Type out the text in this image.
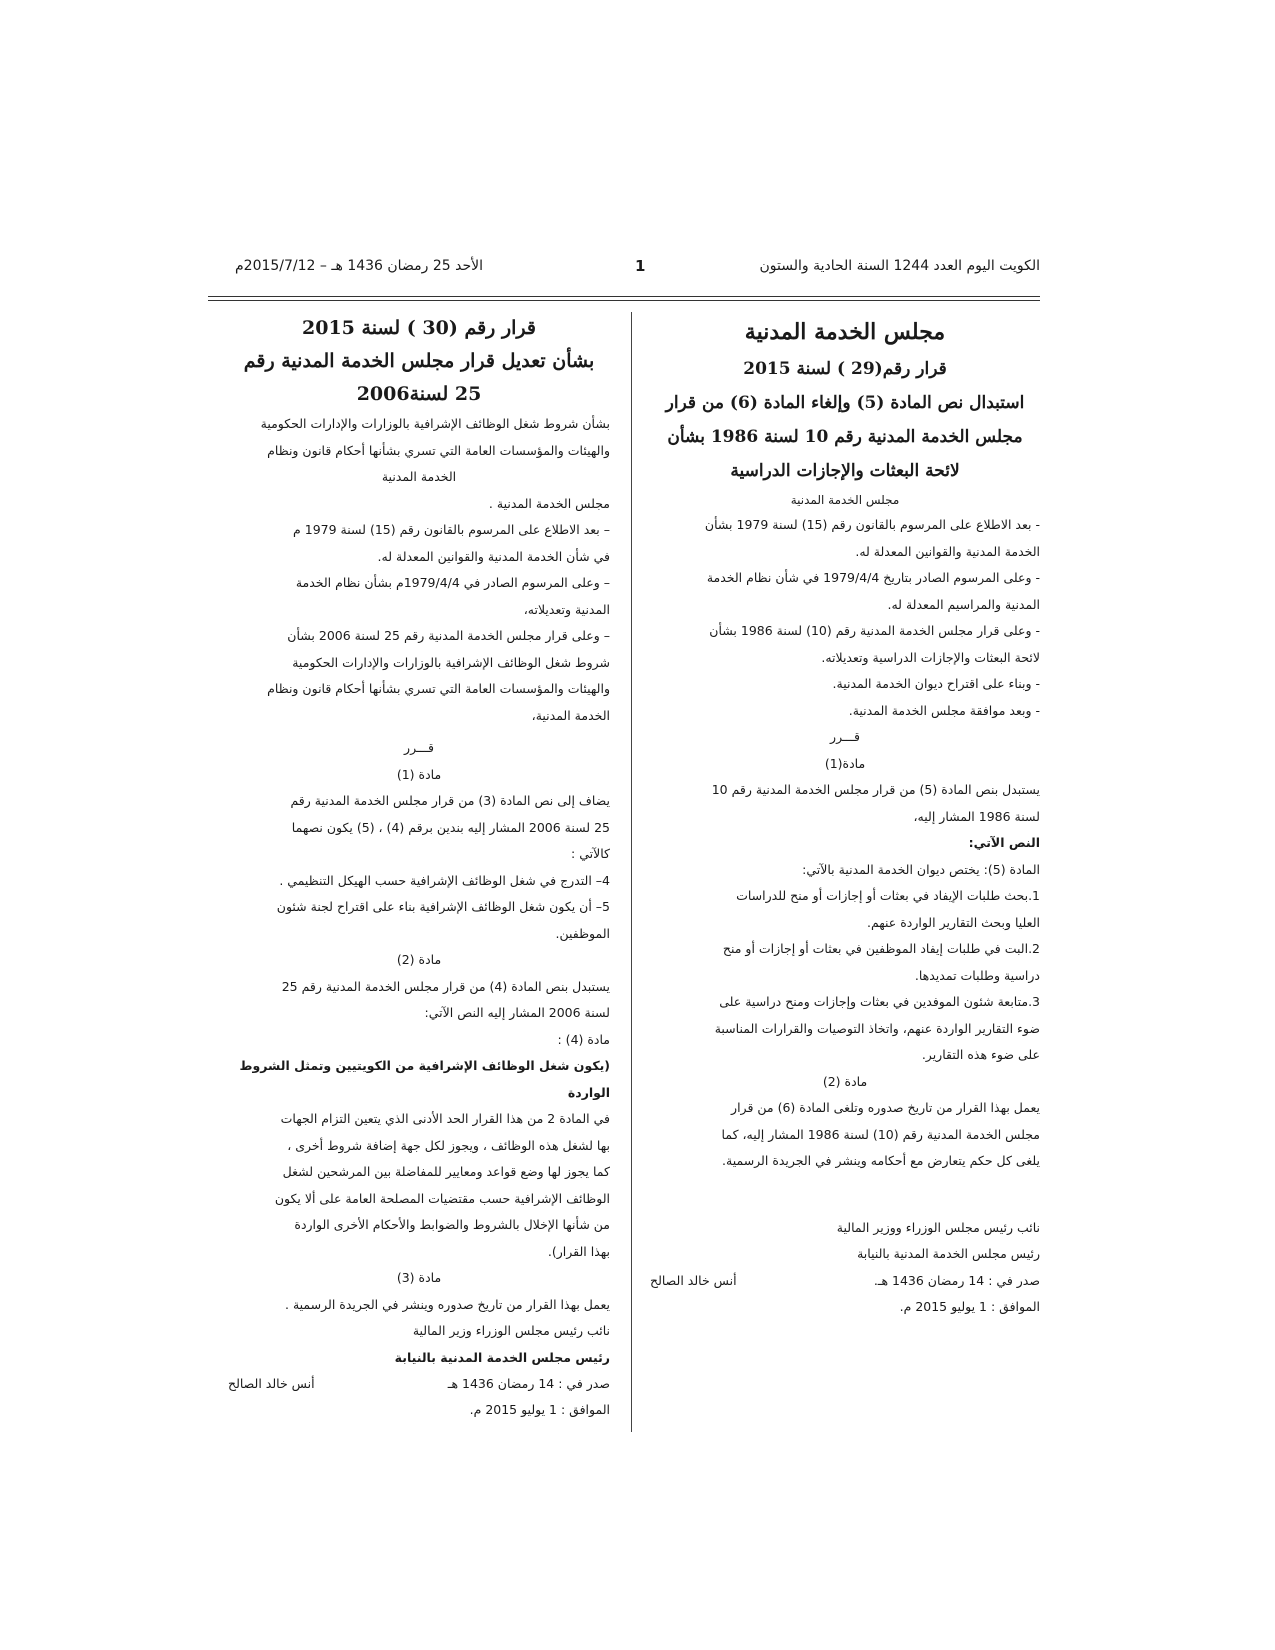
الكويت اليوم العدد 1244 السنة الحادية والستون
1
الأحد 25 رمضان 1436 هـ – 2015/7/12م

مجلس الخدمة المدنية

قرار رقم(29 ) لسنة 2015

استبدال نص المادة (5) وإلغاء المادة (6) من قرار

مجلس الخدمة المدنية رقم 10 لسنة 1986 بشأن

لائحة البعثات والإجازات الدراسية

مجلس الخدمة المدنية

- بعد الاطلاع على المرسوم بالقانون رقم (15) لسنة 1979 بشأن

الخدمة المدنية والقوانين المعدلة له.

- وعلى المرسوم الصادر بتاريخ 1979/4/4 في شأن نظام الخدمة

المدنية والمراسيم المعدلة له.

- وعلى قرار مجلس الخدمة المدنية رقم (10) لسنة 1986 بشأن

لائحة البعثات والإجازات الدراسية وتعديلاته.

- وبناء على اقتراح ديوان الخدمة المدنية.

- وبعد موافقة مجلس الخدمة المدنية.

قـــرر

مادة(1)

يستبدل بنص المادة (5) من قرار مجلس الخدمة المدنية رقم 10

لسنة 1986 المشار إليه،

النص الآتي:

المادة (5): يختص ديوان الخدمة المدنية بالآتي:

1.بحث طلبات الإيفاد في بعثات أو إجازات أو منح للدراسات

العليا وبحث التقارير الواردة عنهم.

2.البت في طلبات إيفاد الموظفين في بعثات أو إجازات أو منح

دراسية وطلبات تمديدها.

3.متابعة شئون الموفدين في بعثات وإجازات ومنح دراسية على

ضوء التقارير الواردة عنهم، واتخاذ التوصيات والقرارات المناسبة

على ضوء هذه التقارير.

مادة (2)

يعمل بهذا القرار من تاريخ صدوره وتلغى المادة (6) من قرار

مجلس الخدمة المدنية رقم (10) لسنة 1986 المشار إليه، كما

يلغى كل حكم يتعارض مع أحكامه وينشر في الجريدة الرسمية.

نائب رئيس مجلس الوزراء ووزير المالية

رئيس مجلس الخدمة المدنية بالنيابة

صدر في : 14 رمضان 1436 هـ.
أنس خالد الصالح

الموافق : 1 يوليو 2015 م.

قرار رقم (30 ) لسنة 2015

بشأن تعديل قرار مجلس الخدمة المدنية رقم

25 لسنة2006

بشأن شروط شغل الوظائف الإشرافية بالوزارات والإدارات الحكومية

والهيئات والمؤسسات العامة التي تسري بشأنها أحكام قانون ونظام

الخدمة المدنية

مجلس الخدمة المدنية .

– بعد الاطلاع على المرسوم بالقانون رقم (15) لسنة 1979 م

في شأن الخدمة المدنية والقوانين المعدلة له.

– وعلى المرسوم الصادر في 1979/4/4م بشأن نظام الخدمة

المدنية وتعديلاته،

– وعلى قرار مجلس الخدمة المدنية رقم 25 لسنة 2006 بشأن

شروط شغل الوظائف الإشرافية بالوزارات والإدارات الحكومية

والهيئات والمؤسسات العامة التي تسري بشأنها أحكام قانون ونظام

الخدمة المدنية،

قـــرر

مادة (1)

يضاف إلى نص المادة (3) من قرار مجلس الخدمة المدنية رقم

25 لسنة 2006 المشار إليه بندين برقم (4) ، (5) يكون نصهما

كالآتي :

4– التدرج في شغل الوظائف الإشرافية حسب الهيكل التنظيمي .

5– أن يكون شغل الوظائف الإشرافية بناء على اقتراح لجنة شئون

الموظفين.

مادة (2)

يستبدل بنص المادة (4) من قرار مجلس الخدمة المدنية رقم 25

لسنة 2006 المشار إليه النص الآتي:

مادة (4) :

(يكون شغل الوظائف الإشرافية من الكويتيين وتمثل الشروط الواردة

في المادة 2 من هذا القرار الحد الأدنى الذي يتعين التزام الجهات

بها لشغل هذه الوظائف ، ويجوز لكل جهة إضافة شروط أخرى ،

كما يجوز لها وضع قواعد ومعايير للمفاضلة بين المرشحين لشغل

الوظائف الإشرافية حسب مقتضيات المصلحة العامة على ألا يكون

من شأنها الإخلال بالشروط والضوابط والأحكام الأخرى الواردة

بهذا القرار).

مادة (3)

يعمل بهذا القرار من تاريخ صدوره وينشر في الجريدة الرسمية .

نائب رئيس مجلس الوزراء وزير المالية

رئيس مجلس الخدمة المدنية بالنيابة

صدر في : 14 رمضان 1436 هـ
أنس خالد الصالح

الموافق : 1 يوليو 2015 م.
